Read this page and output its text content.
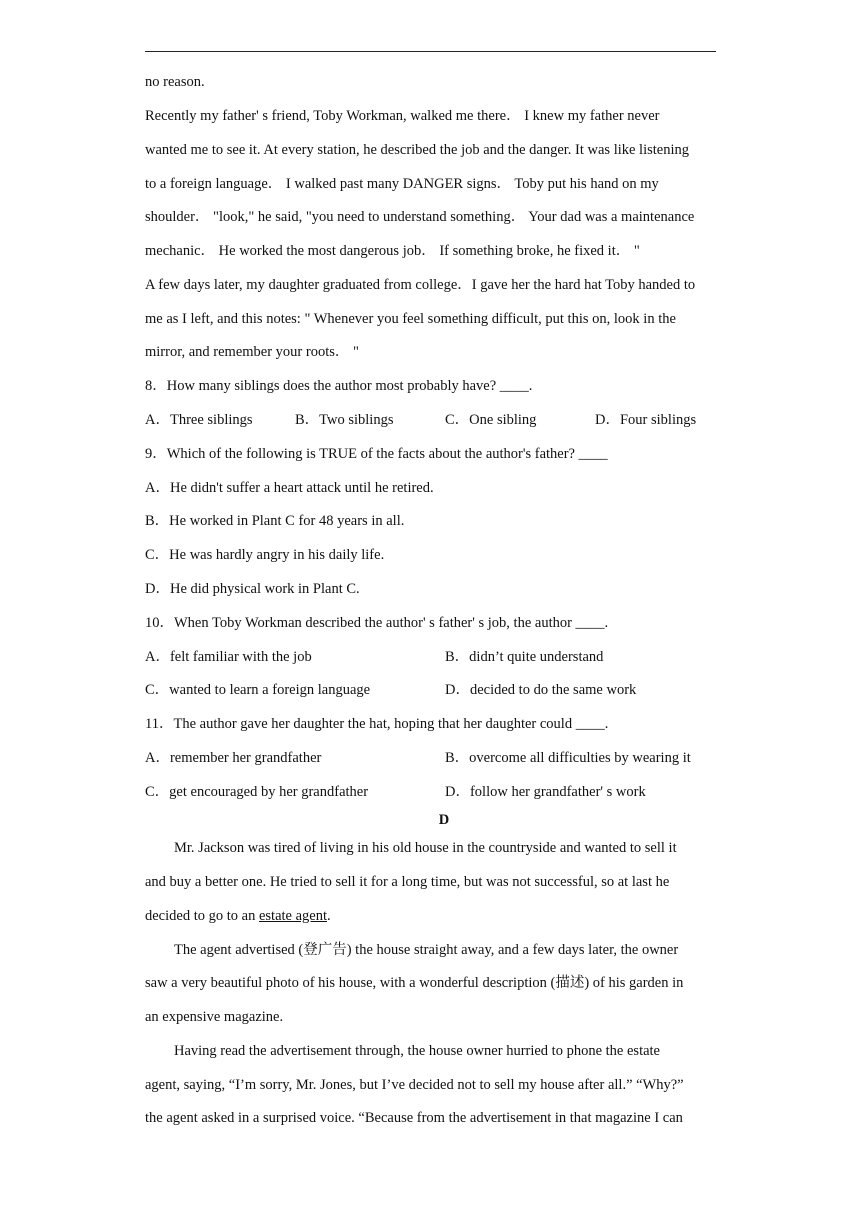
no reason.
Recently my father' s friend, Toby Workman, walked me there． I knew my father never
wanted me to see it. At every station, he described the job and the danger. It was like listening
to a foreign language． I walked past many DANGER signs． Toby put his hand on my
shoulder． "look," he said, "you need to understand something． Your dad was a maintenance
mechanic． He worked the most dangerous job． If something broke, he fixed it． "
A few days later, my daughter graduated from college．I gave her the hard hat Toby handed to
me as I left, and this notes: " Whenever you feel something difficult, put this on, look in the
mirror, and remember your roots． "
8．How many siblings does the author most probably have? ____.
A．Three siblings	B．Two siblings	C．One sibling	D．Four siblings
9．Which of the following is TRUE of the facts about the author's father? ____
A．He didn't suffer a heart attack until he retired.
B．He worked in Plant C for 48 years in all.
C．He was hardly angry in his daily life.
D．He did physical work in Plant C.
10．When Toby Workman described the author' s father' s job, the author ____.
A．felt familiar with the job	B．didn’t quite understand
C．wanted to learn a foreign language	D．decided to do the same work
11．The author gave her daughter the hat, hoping that her daughter could ____.
A．remember her grandfather	B．overcome all difficulties by wearing it
C．get encouraged by her grandfather	D．follow her grandfather' s work
D
Mr. Jackson was tired of living in his old house in the countryside and wanted to sell it
and buy a better one. He tried to sell it for a long time, but was not successful, so at last he
decided to go to an estate agent.
The agent advertised (登广告) the house straight away, and a few days later, the owner
saw a very beautiful photo of his house, with a wonderful description (描述) of his garden in
an expensive magazine.
Having read the advertisement through, the house owner hurried to phone the estate
agent, saying, “I’m sorry, Mr. Jones, but I’ve decided not to sell my house after all.” “Why?”
the agent asked in a surprised voice. “Because from the advertisement in that magazine I can
